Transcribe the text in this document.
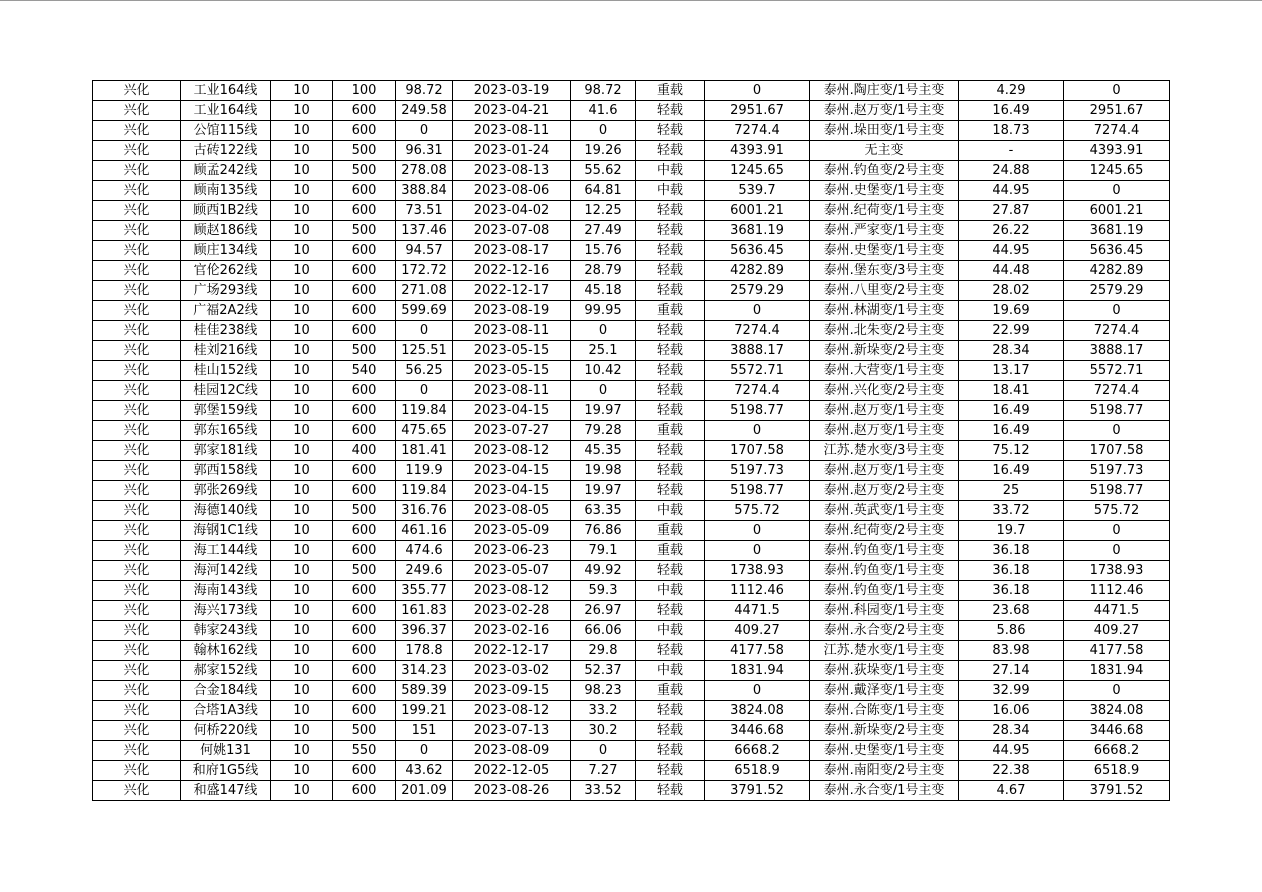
兴化	工业164线	10	100	98.72	2023-03-19	98.72	重载	0	泰州.陶庄变/1号主变	4.29	0
兴化	工业164线	10	600	249.58	2023-04-21	41.6	轻载	2951.67	泰州.赵万变/1号主变	16.49	2951.67
兴化	公馆115线	10	600	0	2023-08-11	0	轻载	7274.4	泰州.垛田变/1号主变	18.73	7274.4
兴化	古砖122线	10	500	96.31	2023-01-24	19.26	轻载	4393.91	无主变	-	4393.91
兴化	顾孟242线	10	500	278.08	2023-08-13	55.62	中载	1245.65	泰州.钓鱼变/2号主变	24.88	1245.65
兴化	顾南135线	10	600	388.84	2023-08-06	64.81	中载	539.7	泰州.史堡变/1号主变	44.95	0
兴化	顾西1B2线	10	600	73.51	2023-04-02	12.25	轻载	6001.21	泰州.纪荷变/1号主变	27.87	6001.21
兴化	顾赵186线	10	500	137.46	2023-07-08	27.49	轻载	3681.19	泰州.严家变/1号主变	26.22	3681.19
兴化	顾庄134线	10	600	94.57	2023-08-17	15.76	轻载	5636.45	泰州.史堡变/1号主变	44.95	5636.45
兴化	官伦262线	10	600	172.72	2022-12-16	28.79	轻载	4282.89	泰州.堡东变/3号主变	44.48	4282.89
兴化	广场293线	10	600	271.08	2022-12-17	45.18	轻载	2579.29	泰州.八里变/2号主变	28.02	2579.29
兴化	广福2A2线	10	600	599.69	2023-08-19	99.95	重载	0	泰州.林湖变/1号主变	19.69	0
兴化	桂佳238线	10	600	0	2023-08-11	0	轻载	7274.4	泰州.北朱变/2号主变	22.99	7274.4
兴化	桂刘216线	10	500	125.51	2023-05-15	25.1	轻载	3888.17	泰州.新垛变/2号主变	28.34	3888.17
兴化	桂山152线	10	540	56.25	2023-05-15	10.42	轻载	5572.71	泰州.大营变/1号主变	13.17	5572.71
兴化	桂园12C线	10	600	0	2023-08-11	0	轻载	7274.4	泰州.兴化变/2号主变	18.41	7274.4
兴化	郭堡159线	10	600	119.84	2023-04-15	19.97	轻载	5198.77	泰州.赵万变/1号主变	16.49	5198.77
兴化	郭东165线	10	600	475.65	2023-07-27	79.28	重载	0	泰州.赵万变/1号主变	16.49	0
兴化	郭家181线	10	400	181.41	2023-08-12	45.35	轻载	1707.58	江苏.楚水变/3号主变	75.12	1707.58
兴化	郭西158线	10	600	119.9	2023-04-15	19.98	轻载	5197.73	泰州.赵万变/1号主变	16.49	5197.73
兴化	郭张269线	10	600	119.84	2023-04-15	19.97	轻载	5198.77	泰州.赵万变/2号主变	25	5198.77
兴化	海德140线	10	500	316.76	2023-08-05	63.35	中载	575.72	泰州.英武变/1号主变	33.72	575.72
兴化	海钢1C1线	10	600	461.16	2023-05-09	76.86	重载	0	泰州.纪荷变/2号主变	19.7	0
兴化	海工144线	10	600	474.6	2023-06-23	79.1	重载	0	泰州.钓鱼变/1号主变	36.18	0
兴化	海河142线	10	500	249.6	2023-05-07	49.92	轻载	1738.93	泰州.钓鱼变/1号主变	36.18	1738.93
兴化	海南143线	10	600	355.77	2023-08-12	59.3	中载	1112.46	泰州.钓鱼变/1号主变	36.18	1112.46
兴化	海兴173线	10	600	161.83	2023-02-28	26.97	轻载	4471.5	泰州.科园变/1号主变	23.68	4471.5
兴化	韩家243线	10	600	396.37	2023-02-16	66.06	中载	409.27	泰州.永合变/2号主变	5.86	409.27
兴化	翰林162线	10	600	178.8	2022-12-17	29.8	轻载	4177.58	江苏.楚水变/1号主变	83.98	4177.58
兴化	郝家152线	10	600	314.23	2023-03-02	52.37	中载	1831.94	泰州.荻垛变/1号主变	27.14	1831.94
兴化	合金184线	10	600	589.39	2023-09-15	98.23	重载	0	泰州.戴泽变/1号主变	32.99	0
兴化	合塔1A3线	10	600	199.21	2023-08-12	33.2	轻载	3824.08	泰州.合陈变/1号主变	16.06	3824.08
兴化	何桥220线	10	500	151	2023-07-13	30.2	轻载	3446.68	泰州.新垛变/2号主变	28.34	3446.68
兴化	何姚131	10	550	0	2023-08-09	0	轻载	6668.2	泰州.史堡变/1号主变	44.95	6668.2
兴化	和府1G5线	10	600	43.62	2022-12-05	7.27	轻载	6518.9	泰州.南阳变/2号主变	22.38	6518.9
兴化	和盛147线	10	600	201.09	2023-08-26	33.52	轻载	3791.52	泰州.永合变/1号主变	4.67	3791.52
